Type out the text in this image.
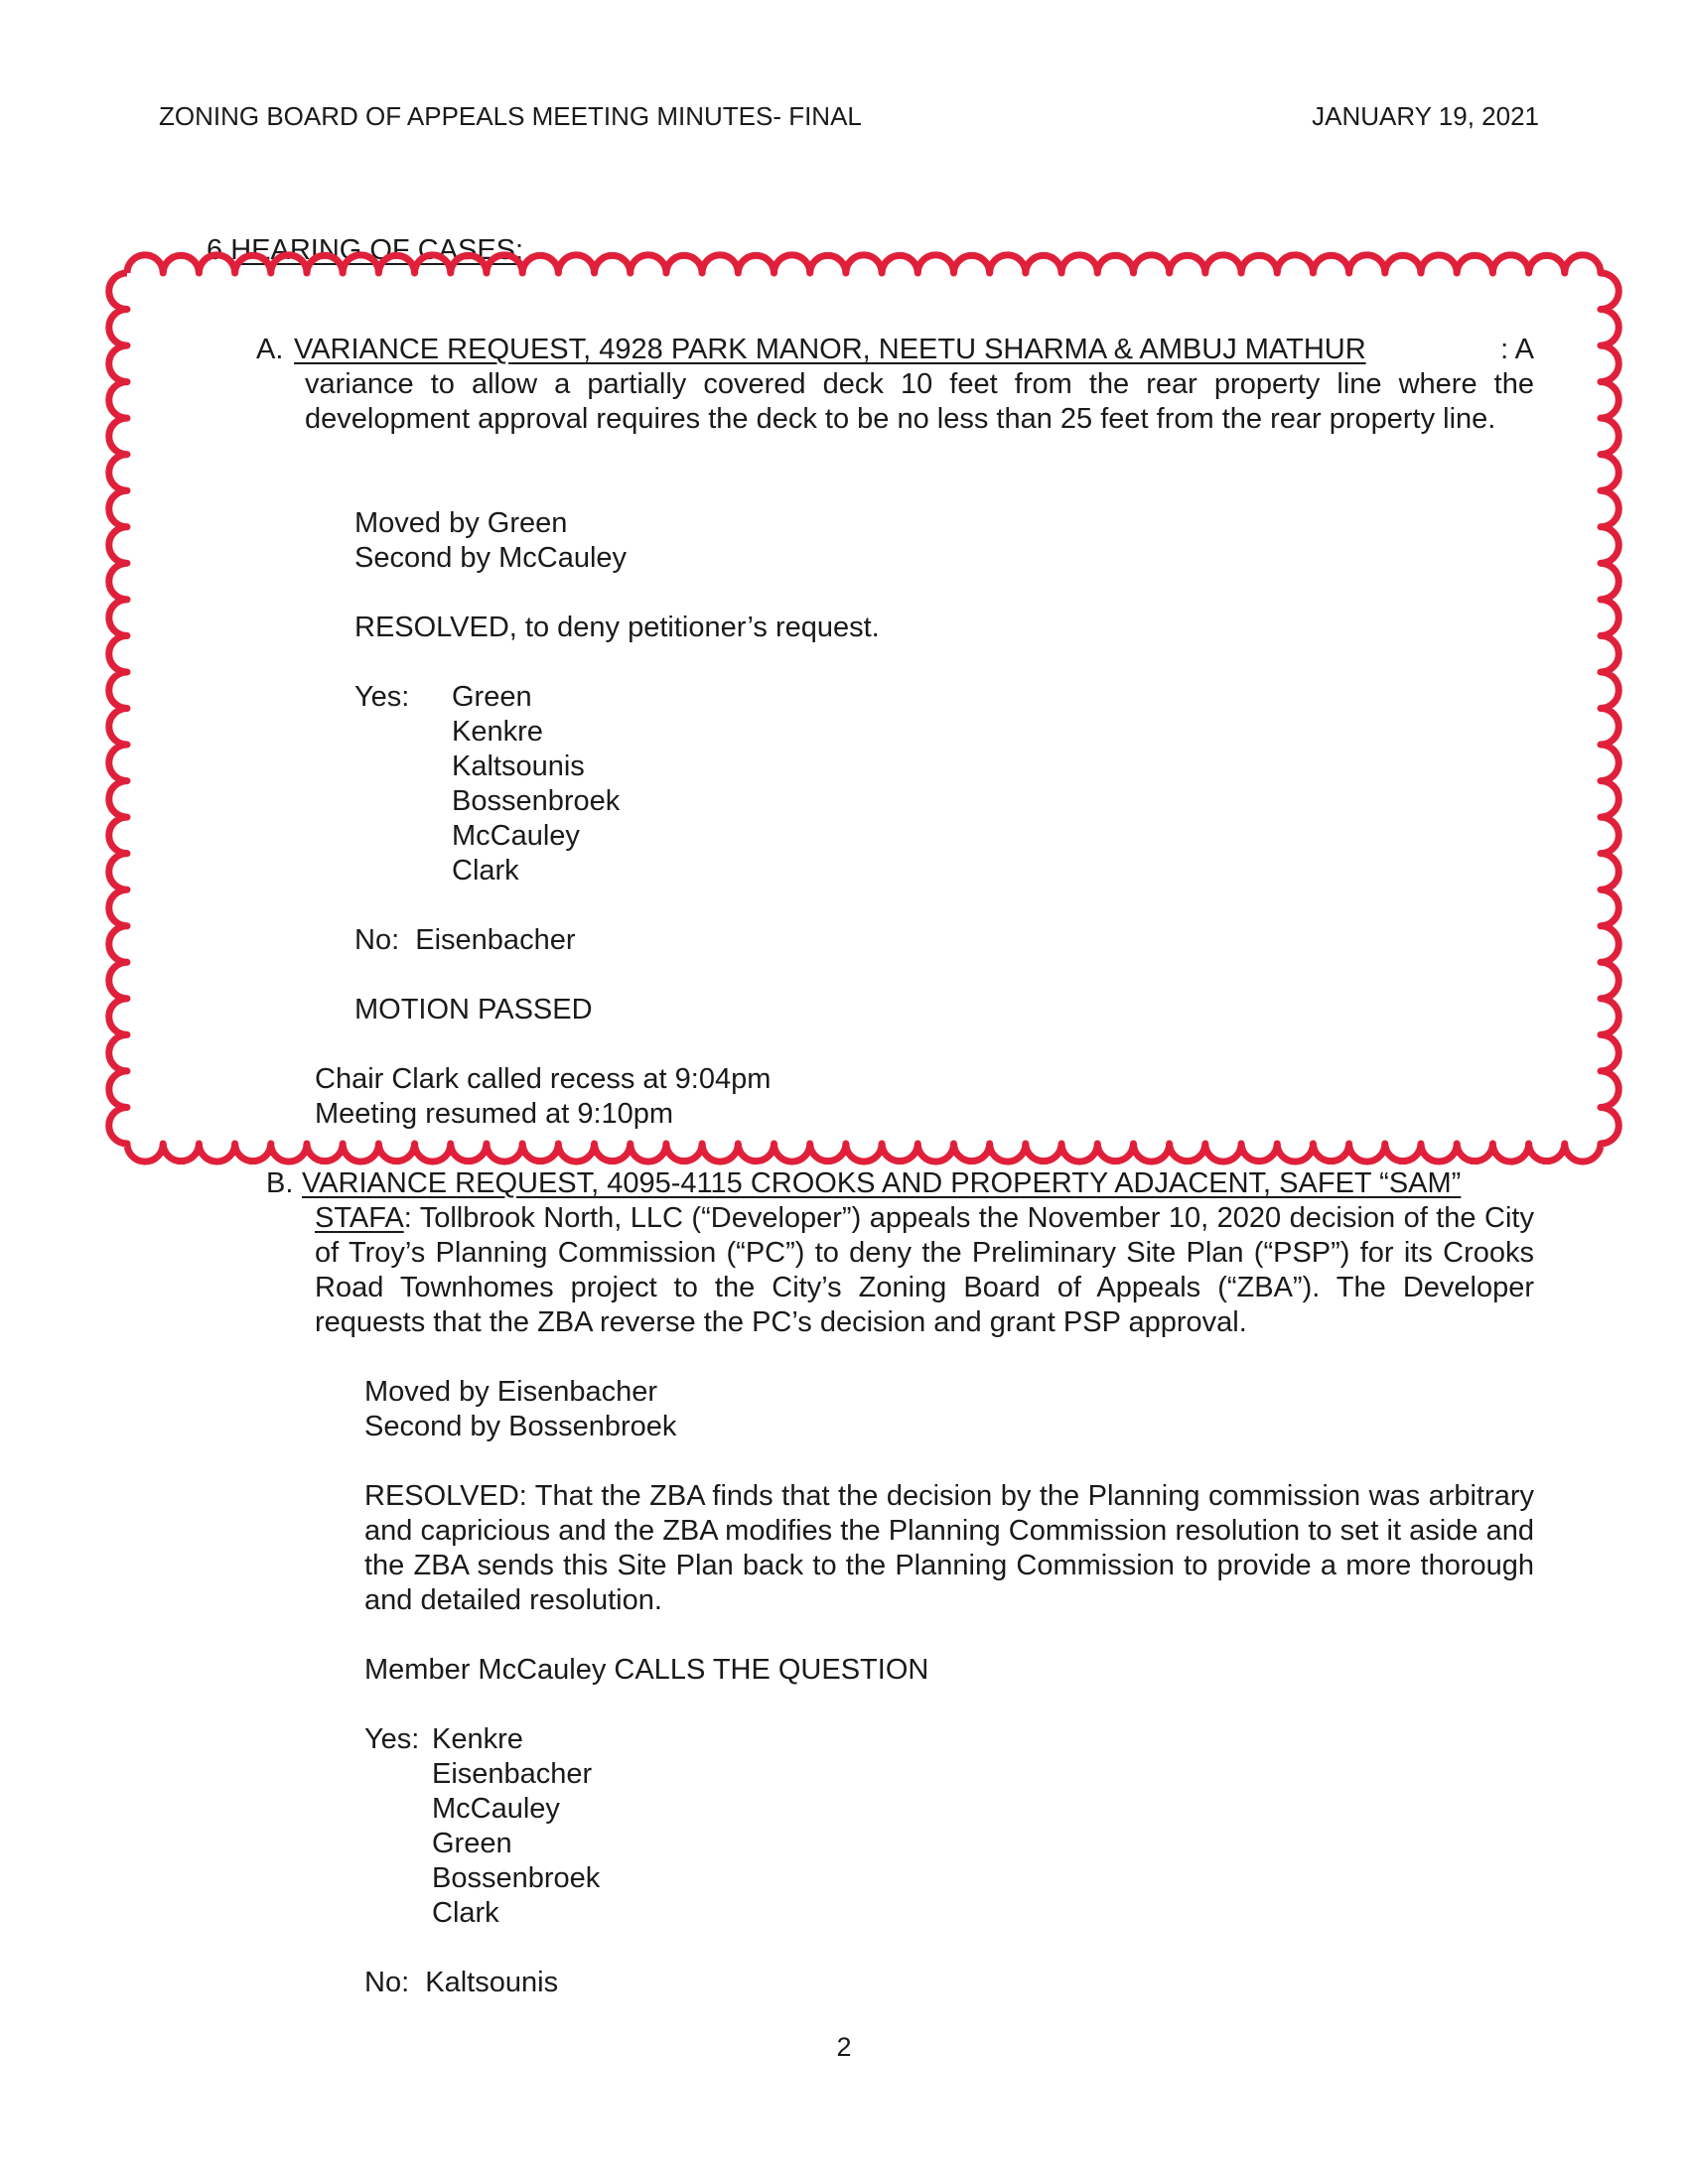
ZONING BOARD OF APPEALS MEETING MINUTES- FINAL	JANUARY 19, 2021
6.HEARING OF CASES:
A. VARIANCE REQUEST, 4928 PARK MANOR, NEETU SHARMA & AMBUJ MATHUR	: A
variance to allow a partially covered deck 10 feet from the rear property line where the development approval requires the deck to be no less than 25 feet from the rear property line.
Moved by Green
Second by McCauley
RESOLVED, to deny petitioner’s request.
Yes:	Green
Kenkre
Kaltsounis
Bossenbroek
McCauley
Clark
No: Eisenbacher
MOTION PASSED
Chair Clark called recess at 9:04pm
Meeting resumed at 9:10pm
B. VARIANCE REQUEST, 4095-4115 CROOKS AND PROPERTY ADJACENT, SAFET “SAM”
STAFA: Tollbrook North, LLC (“Developer”) appeals the November 10, 2020 decision of the City of Troy’s Planning Commission (“PC”) to deny the Preliminary Site Plan (“PSP”) for its Crooks Road Townhomes project to the City’s Zoning Board of Appeals (“ZBA”). The Developer requests that the ZBA reverse the PC’s decision and grant PSP approval.
Moved by Eisenbacher
Second by Bossenbroek
RESOLVED: That the ZBA finds that the decision by the Planning commission was arbitrary and capricious and the ZBA modifies the Planning Commission resolution to set it aside and the ZBA sends this Site Plan back to the Planning Commission to provide a more thorough and detailed resolution.
Member McCauley CALLS THE QUESTION
Yes: Kenkre
Eisenbacher
McCauley
Green
Bossenbroek
Clark
No: Kaltsounis
2
